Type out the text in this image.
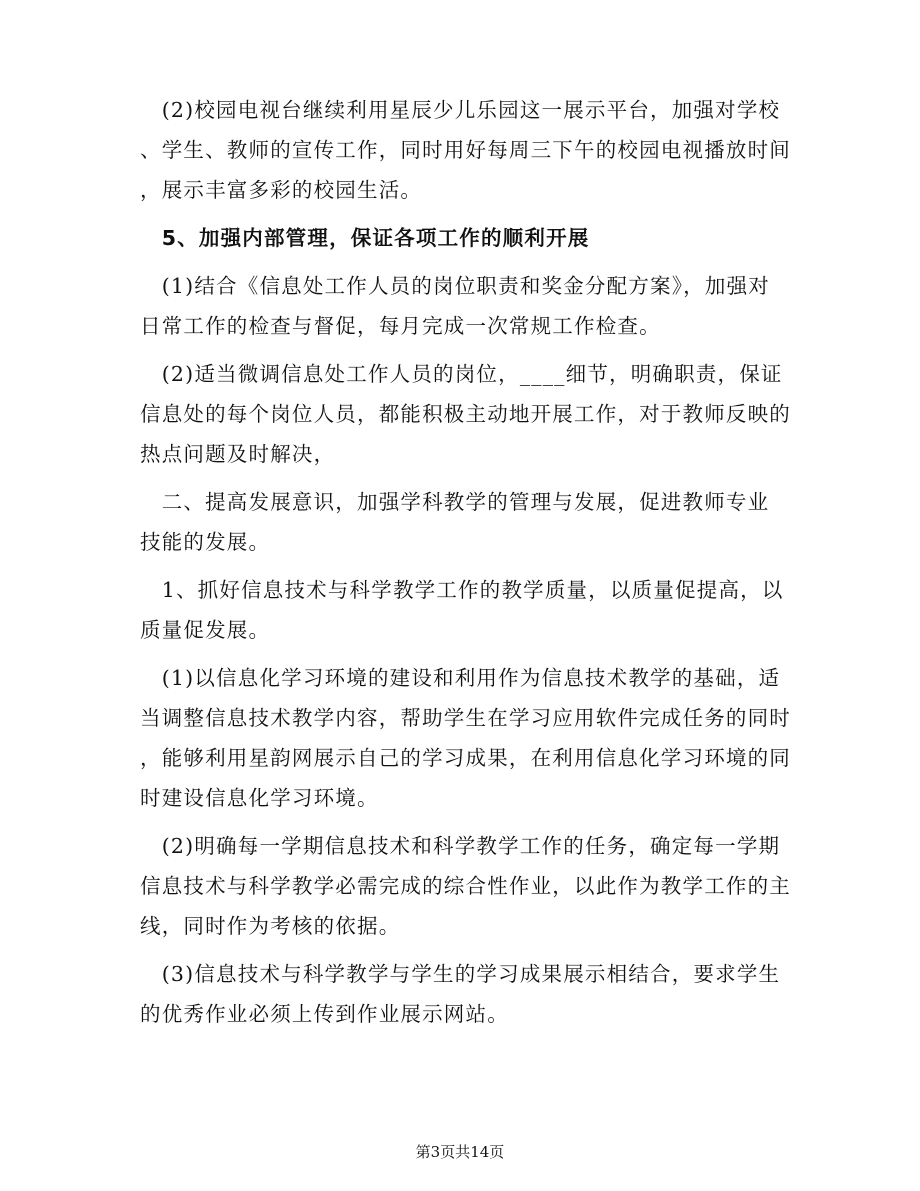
　(2)校园电视台继续利用星辰少儿乐园这一展示平台，加强对学校

、学生、教师的宣传工作，同时用好每周三下午的校园电视播放时间

，展示丰富多彩的校园生活。

　5、加强内部管理，保证各项工作的顺利开展

　(1)结合《信息处工作人员的岗位职责和奖金分配方案》，加强对

日常工作的检查与督促，每月完成一次常规工作检查。

　(2)适当微调信息处工作人员的岗位，____细节，明确职责，保证

信息处的每个岗位人员，都能积极主动地开展工作，对于教师反映的

热点问题及时解决，

　二、提高发展意识，加强学科教学的管理与发展，促进教师专业

技能的发展。

　1、抓好信息技术与科学教学工作的教学质量，以质量促提高，以

质量促发展。

　(1)以信息化学习环境的建设和利用作为信息技术教学的基础，适

当调整信息技术教学内容，帮助学生在学习应用软件完成任务的同时

，能够利用星韵网展示自己的学习成果，在利用信息化学习环境的同

时建设信息化学习环境。

　(2)明确每一学期信息技术和科学教学工作的任务，确定每一学期

信息技术与科学教学必需完成的综合性作业，以此作为教学工作的主

线，同时作为考核的依据。

　(3)信息技术与科学教学与学生的学习成果展示相结合，要求学生

的优秀作业必须上传到作业展示网站。

第3页共14页
